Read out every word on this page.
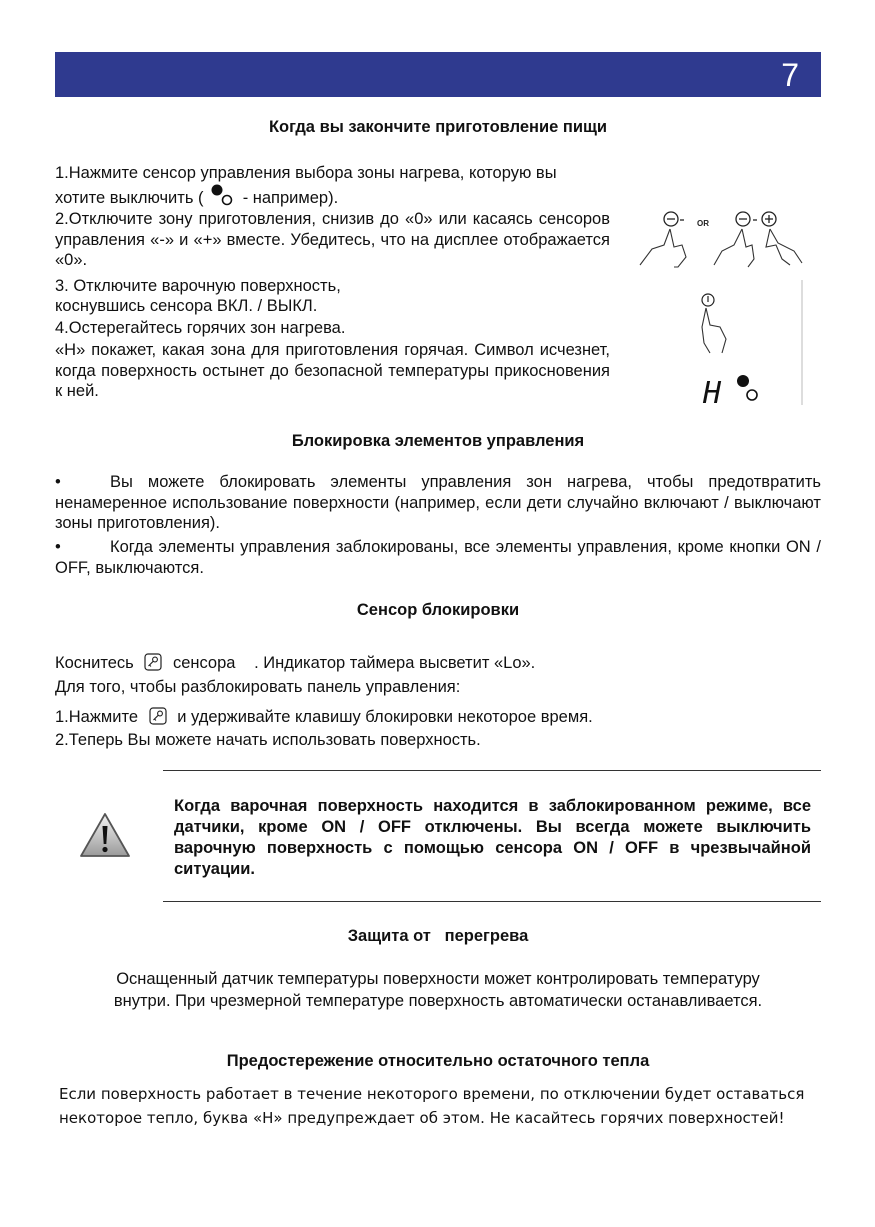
7
Когда вы закончите приготовление пищи

1.Нажмите сенсор управления выбора зоны нагрева, которую вы

хотите выключить ( - например).

2.Отключите зону приготовления, снизив до «0» или касаясь сенсоров управления «-» и «+» вместе. Убедитесь, что на дисплее отображается «0».

3. Отключите варочную поверхность,

коснувшись сенсора ВКЛ. / ВЫКЛ.

4.Остерегайтесь горячих зон нагрева.

«H» покажет, какая зона для приготовления горячая. Символ исчезнет, когда поверхность остынет до безопасной температуры прикосновения к ней.

OR
H
Блокировка элементов управления
•	Вы можете блокировать элементы управления зон нагрева, чтобы предотвратить ненамеренное использование поверхности (например, если дети случайно включают / выключают зоны приготовления).
•	Когда элементы управления заблокированы, все элементы управления, кроме кнопки ON / OFF, выключаются.
Сенсор блокировки

Коснитесь сенсора . Индикатор таймера высветит «Lo».

Для того, чтобы разблокировать панель управления:

1.Нажмите и удерживайте клавишу блокировки некоторое время.

2.Теперь Вы можете начать использовать поверхность.

Когда варочная поверхность находится в заблокированном режиме, все датчики, кроме ON / OFF отключены. Вы всегда можете выключить варочную поверхность с помощью сенсора ON / OFF в чрезвычайной ситуации.

Защита от   перегрева

Оснащенный датчик температуры поверхности может контролировать температуру

внутри. При чрезмерной температуре поверхность автоматически останавливается.

Предостережение относительно остаточного тепла

Если поверхность работает в течение некоторого времени, по отключении будет оставаться некоторое тепло, буква «H» предупреждает об этом. Не касайтесь горячих поверхностей!
